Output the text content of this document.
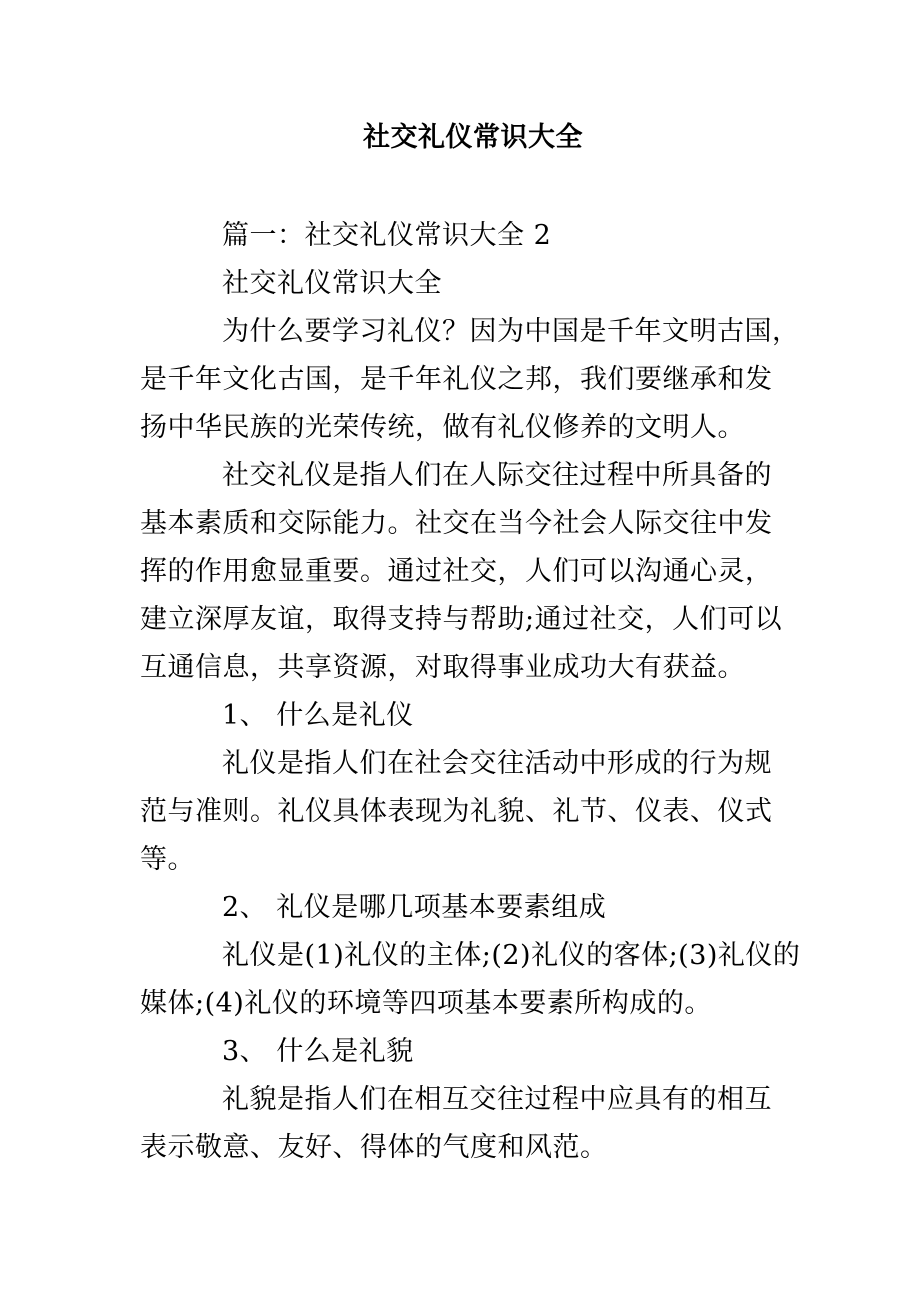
社交礼仪常识大全
篇一：社交礼仪常识大全 2
社交礼仪常识大全
为什么要学习礼仪？因为中国是千年文明古国，
是千年文化古国，是千年礼仪之邦，我们要继承和发
扬中华民族的光荣传统，做有礼仪修养的文明人。
社交礼仪是指人们在人际交往过程中所具备的
基本素质和交际能力。社交在当今社会人际交往中发
挥的作用愈显重要。通过社交，人们可以沟通心灵，
建立深厚友谊，取得支持与帮助;通过社交，人们可以
互通信息，共享资源，对取得事业成功大有获益。
1、 什么是礼仪
礼仪是指人们在社会交往活动中形成的行为规
范与准则。礼仪具体表现为礼貌、礼节、仪表、仪式
等。
2、 礼仪是哪几项基本要素组成
礼仪是(1)礼仪的主体;(2)礼仪的客体;(3)礼仪的
媒体;(4)礼仪的环境等四项基本要素所构成的。
3、 什么是礼貌
礼貌是指人们在相互交往过程中应具有的相互
表示敬意、友好、得体的气度和风范。
